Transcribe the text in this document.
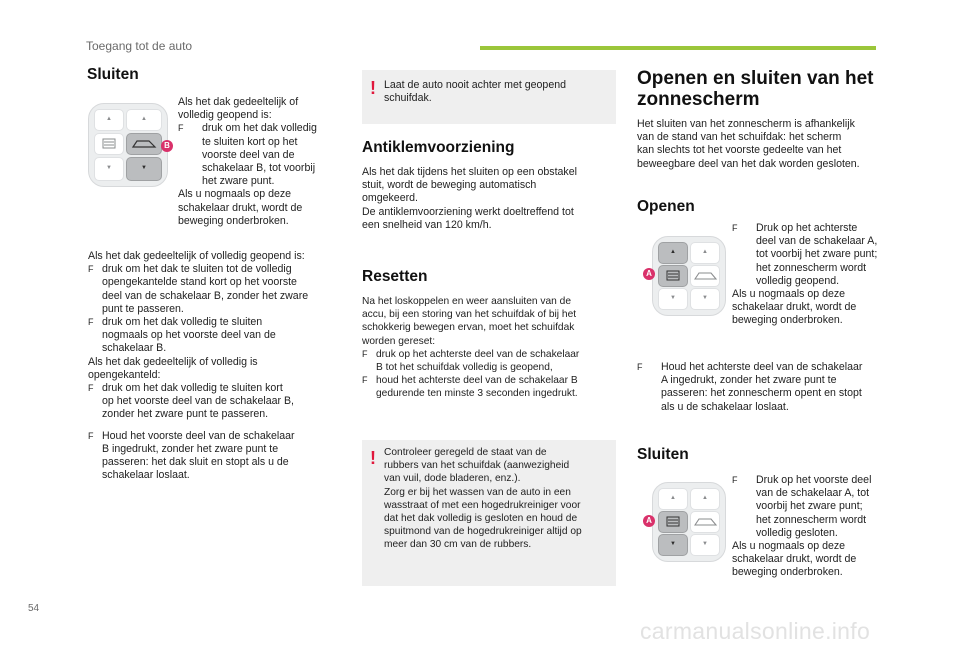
Toegang tot de auto
54
carmanualsonline.info
Sluiten
▲	▲
▼	▼
B

Als het dak gedeeltelijk of

volledig geopend is:

F druk om het dak volledig

te sluiten kort op het

voorste deel van de

schakelaar B, tot voorbij

het zware punt.

Als u nogmaals op deze

schakelaar drukt, wordt de

beweging onderbroken.

Als het dak gedeeltelijk of volledig geopend is:

F druk om het dak te sluiten tot de volledig

opengekantelde stand kort op het voorste

deel van de schakelaar B, zonder het zware

punt te passeren.

F druk om het dak volledig te sluiten

nogmaals op het voorste deel van de

schakelaar B.

Als het dak gedeeltelijk of volledig is

opengekanteld:

F druk om het dak volledig te sluiten kort

op het voorste deel van de schakelaar B,

zonder het zware punt te passeren.

F Houd het voorste deel van de schakelaar

B ingedrukt, zonder het zware punt te

passeren: het dak sluit en stopt als u de

schakelaar loslaat.

! Laat de auto nooit achter met geopend

schuifdak.

Antiklemvoorziening

Als het dak tijdens het sluiten op een obstakel

stuit, wordt de beweging automatisch

omgekeerd.

De antiklemvoorziening werkt doeltreffend tot

een snelheid van 120 km/h.

Resetten

Na het loskoppelen en weer aansluiten van de

accu, bij een storing van het schuifdak of bij het

schokkerig bewegen ervan, moet het schuifdak

worden gereset:

F druk op het achterste deel van de schakelaar

B tot het schuifdak volledig is geopend,

F houd het achterste deel van de schakelaar B

gedurende ten minste 3 seconden ingedrukt.

! Controleer geregeld de staat van de

rubbers van het schuifdak (aanwezigheid

van vuil, dode bladeren, enz.).

Zorg er bij het wassen van de auto in een

wasstraat of met een hogedrukreiniger voor

dat het dak volledig is gesloten en houd de

spuitmond van de hogedrukreiniger altijd op

meer dan 30 cm van de rubbers.

Openen en sluiten van het
zonnescherm

Het sluiten van het zonnescherm is afhankelijk

van de stand van het schuifdak: het scherm

kan slechts tot het voorste gedeelte van het

beweegbare deel van het dak worden gesloten.

Openen
▲	▲
▼	▼
A
F Druk op het achterste

deel van de schakelaar A,

tot voorbij het zware punt;

het zonnescherm wordt

volledig geopend.

Als u nogmaals op deze

schakelaar drukt, wordt de

beweging onderbroken.

F Houd het achterste deel van de schakelaar

A ingedrukt, zonder het zware punt te

passeren: het zonnescherm opent en stopt

als u de schakelaar loslaat.

Sluiten
▲	▲
▼	▼
A
F Druk op het voorste deel

van de schakelaar A, tot

voorbij het zware punt;

het zonnescherm wordt

volledig gesloten.

Als u nogmaals op deze

schakelaar drukt, wordt de

beweging onderbroken.
